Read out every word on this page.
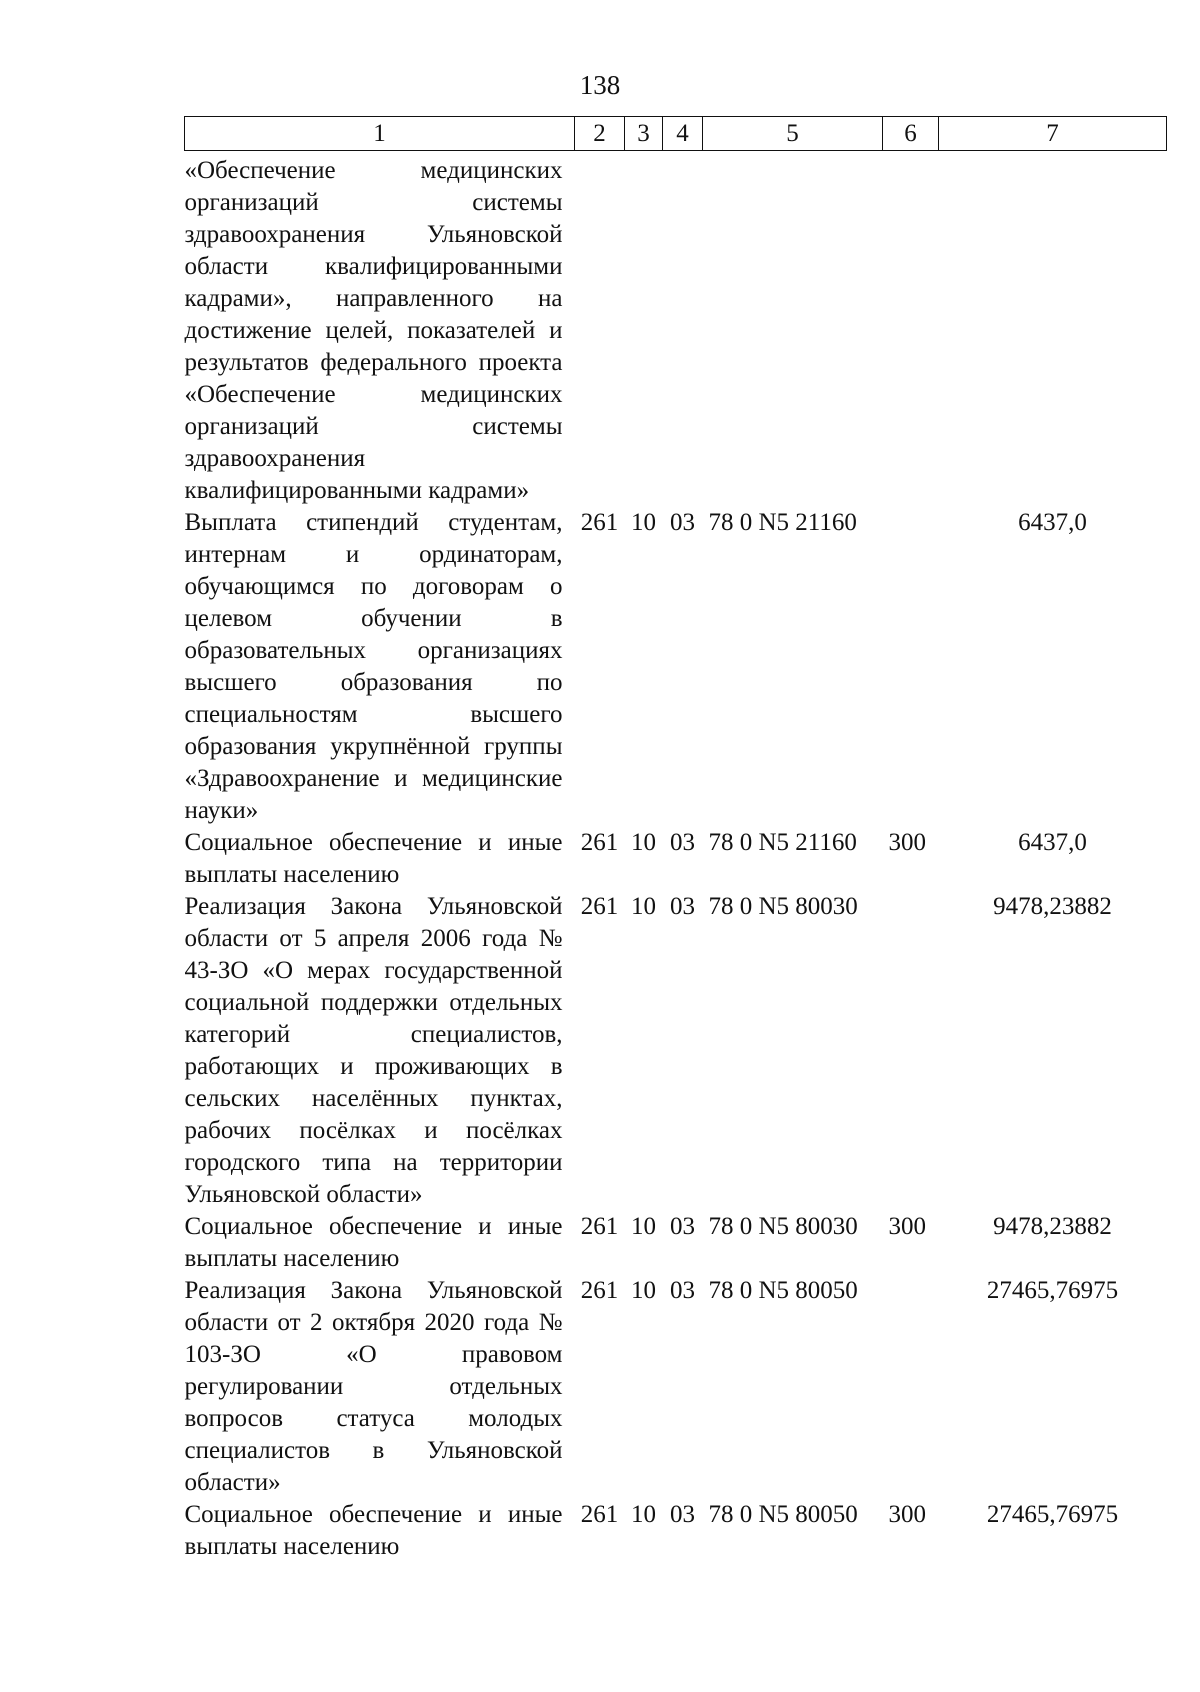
138
1	2	3	4	5	6	7
«Обеспечение медицинских организаций системы здравоохранения Ульяновской области квалифицированными кадрами», направленного на достижение целей, показателей и результатов федерального проекта «Обеспечение медицинских организаций системы здравоохранения квалифицированными кадрами»						
Выплата стипендий студентам, интернам и ординаторам, обучающимся по договорам о целевом обучении в образовательных организациях высшего образования по специальностям высшего образования укрупнённой группы «Здравоохранение и медицинские науки»	261	10	03	78 0 N5 21160		6437,0
Социальное обеспечение и иные выплаты населению	261	10	03	78 0 N5 21160	300	6437,0
Реализация Закона Ульяновской области от 5 апреля 2006 года № 43-ЗО «О мерах государственной социальной поддержки отдельных категорий специалистов, работающих и проживающих в сельских населённых пунктах, рабочих посёлках и посёлках городского типа на территории Ульяновской области»	261	10	03	78 0 N5 80030		9478,23882
Социальное обеспечение и иные выплаты населению	261	10	03	78 0 N5 80030	300	9478,23882
Реализация Закона Ульяновской области от 2 октября 2020 года № 103-ЗО «О правовом регулировании отдельных вопросов статуса молодых специалистов в Ульяновской области»	261	10	03	78 0 N5 80050		27465,76975
Социальное обеспечение и иные выплаты населению	261	10	03	78 0 N5 80050	300	27465,76975
